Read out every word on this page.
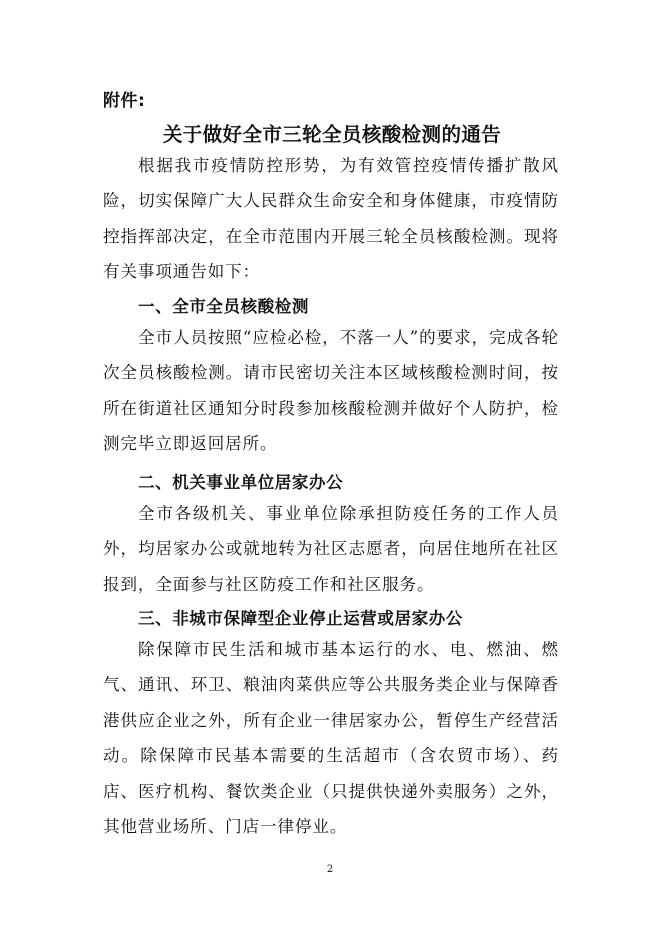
附件:
关于做好全市三轮全员核酸检测的通告
根据我市疫情防控形势，为有效管控疫情传播扩散风险，切实保障广大人民群众生命安全和身体健康，市疫情防控指挥部决定，在全市范围内开展三轮全员核酸检测。现将有关事项通告如下：
一、全市全员核酸检测
全市人员按照“应检必检，不落一人”的要求，完成各轮次全员核酸检测。请市民密切关注本区域核酸检测时间，按所在街道社区通知分时段参加核酸检测并做好个人防护，检测完毕立即返回居所。
二、机关事业单位居家办公
全市各级机关、事业单位除承担防疫任务的工作人员外，均居家办公或就地转为社区志愿者，向居住地所在社区报到，全面参与社区防疫工作和社区服务。
三、非城市保障型企业停止运营或居家办公
除保障市民生活和城市基本运行的水、电、燃油、燃气、通讯、环卫、粮油肉菜供应等公共服务类企业与保障香港供应企业之外，所有企业一律居家办公，暂停生产经营活动。除保障市民基本需要的生活超市（含农贸市场）、药店、医疗机构、餐饮类企业（只提供快递外卖服务）之外，其他营业场所、门店一律停业。
2
